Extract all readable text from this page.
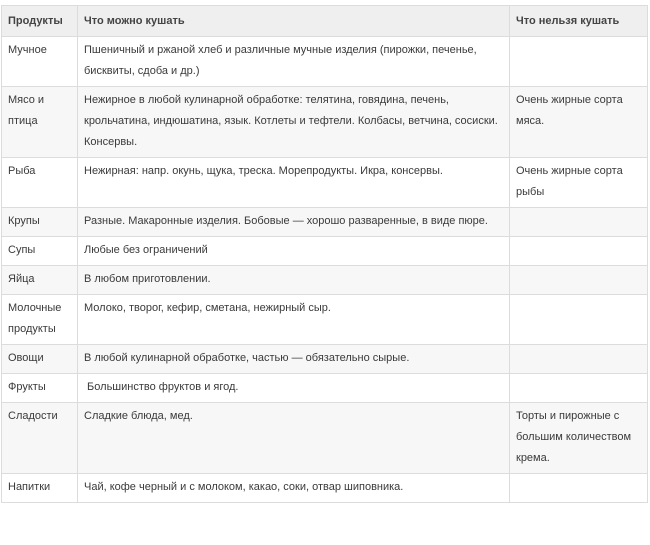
Продукты	Что можно кушать	Что нельзя кушать
Мучное	Пшеничный и ржаной хлеб и различные мучные изделия (пирожки, печенье, бисквиты, сдоба и др.)	
Мясо и птица	Нежирное в любой кулинарной обработке: телятина, говядина, печень, крольчатина, индюшатина, язык. Котлеты и тефтели. Колбасы, ветчина, сосиски. Консервы.	Очень жирные сорта мяса.
Рыба	Нежирная: напр. окунь, щука, треска. Морепродукты. Икра, консервы.	Очень жирные сорта рыбы
Крупы	Разные. Макаронные изделия. Бобовые — хорошо разваренные, в виде пюре.	
Супы	Любые без ограничений	
Яйца	В любом приготовлении.	
Молочные продукты	Молоко, творог, кефир, сметана, нежирный сыр.	
Овощи	В любой кулинарной обработке, частью — обязательно сырые.	
Фрукты	Большинство фруктов и ягод.	
Сладости	Сладкие блюда, мед.	Торты и пирожные с большим количеством крема.
Напитки	Чай, кофе черный и с молоком, какао, соки, отвар шиповника.	
